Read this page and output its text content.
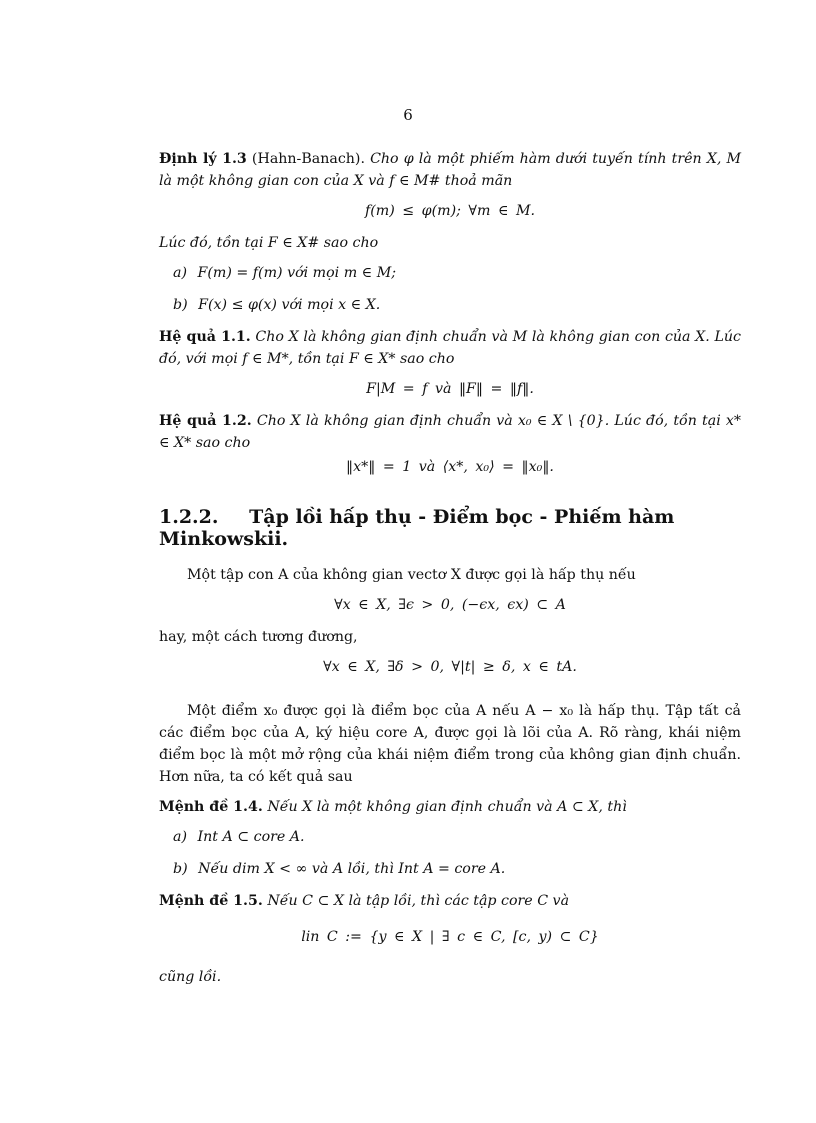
6

Định lý 1.3 (Hahn-Banach). Cho φ là một phiếm hàm dưới tuyến tính trên X, M là một không gian con của X và f ∈ M# thoả mãn

f(m) ≤ φ(m); ∀m ∈ M.

Lúc đó, tồn tại F ∈ X# sao cho

a) F(m) = f(m) với mọi m ∈ M;
b) F(x) ≤ φ(x) với mọi x ∈ X.

Hệ quả 1.1. Cho X là không gian định chuẩn và M là không gian con của X. Lúc đó, với mọi f ∈ M*, tồn tại F ∈ X* sao cho

F|M = f và ‖F‖ = ‖f‖.

Hệ quả 1.2. Cho X là không gian định chuẩn và x₀ ∈ X \ {0}. Lúc đó, tồn tại x* ∈ X* sao cho

‖x*‖ = 1 và ⟨x*, x₀⟩ = ‖x₀‖.
1.2.2. Tập lồi hấp thụ - Điểm bọc - Phiếm hàm Minkowskii.

Một tập con A của không gian vectơ X được gọi là hấp thụ nếu

∀x ∈ X, ∃ϵ > 0, (−ϵx, ϵx) ⊂ A

hay, một cách tương đương,

∀x ∈ X, ∃δ > 0, ∀|t| ≥ δ, x ∈ tA.

Một điểm x₀ được gọi là điểm bọc của A nếu A − x₀ là hấp thụ. Tập tất cả các điểm bọc của A, ký hiệu core A, được gọi là lõi của A. Rõ ràng, khái niệm điểm bọc là một mở rộng của khái niệm điểm trong của không gian định chuẩn. Hơn nữa, ta có kết quả sau

Mệnh đề 1.4. Nếu X là một không gian định chuẩn và A ⊂ X, thì

a) Int A ⊂ core A.
b) Nếu dim X < ∞ và A lồi, thì Int A = core A.

Mệnh đề 1.5. Nếu C ⊂ X là tập lồi, thì các tập core C và

lin C := {y ∈ X | ∃ c ∈ C, [c, y) ⊂ C}

cũng lồi.
